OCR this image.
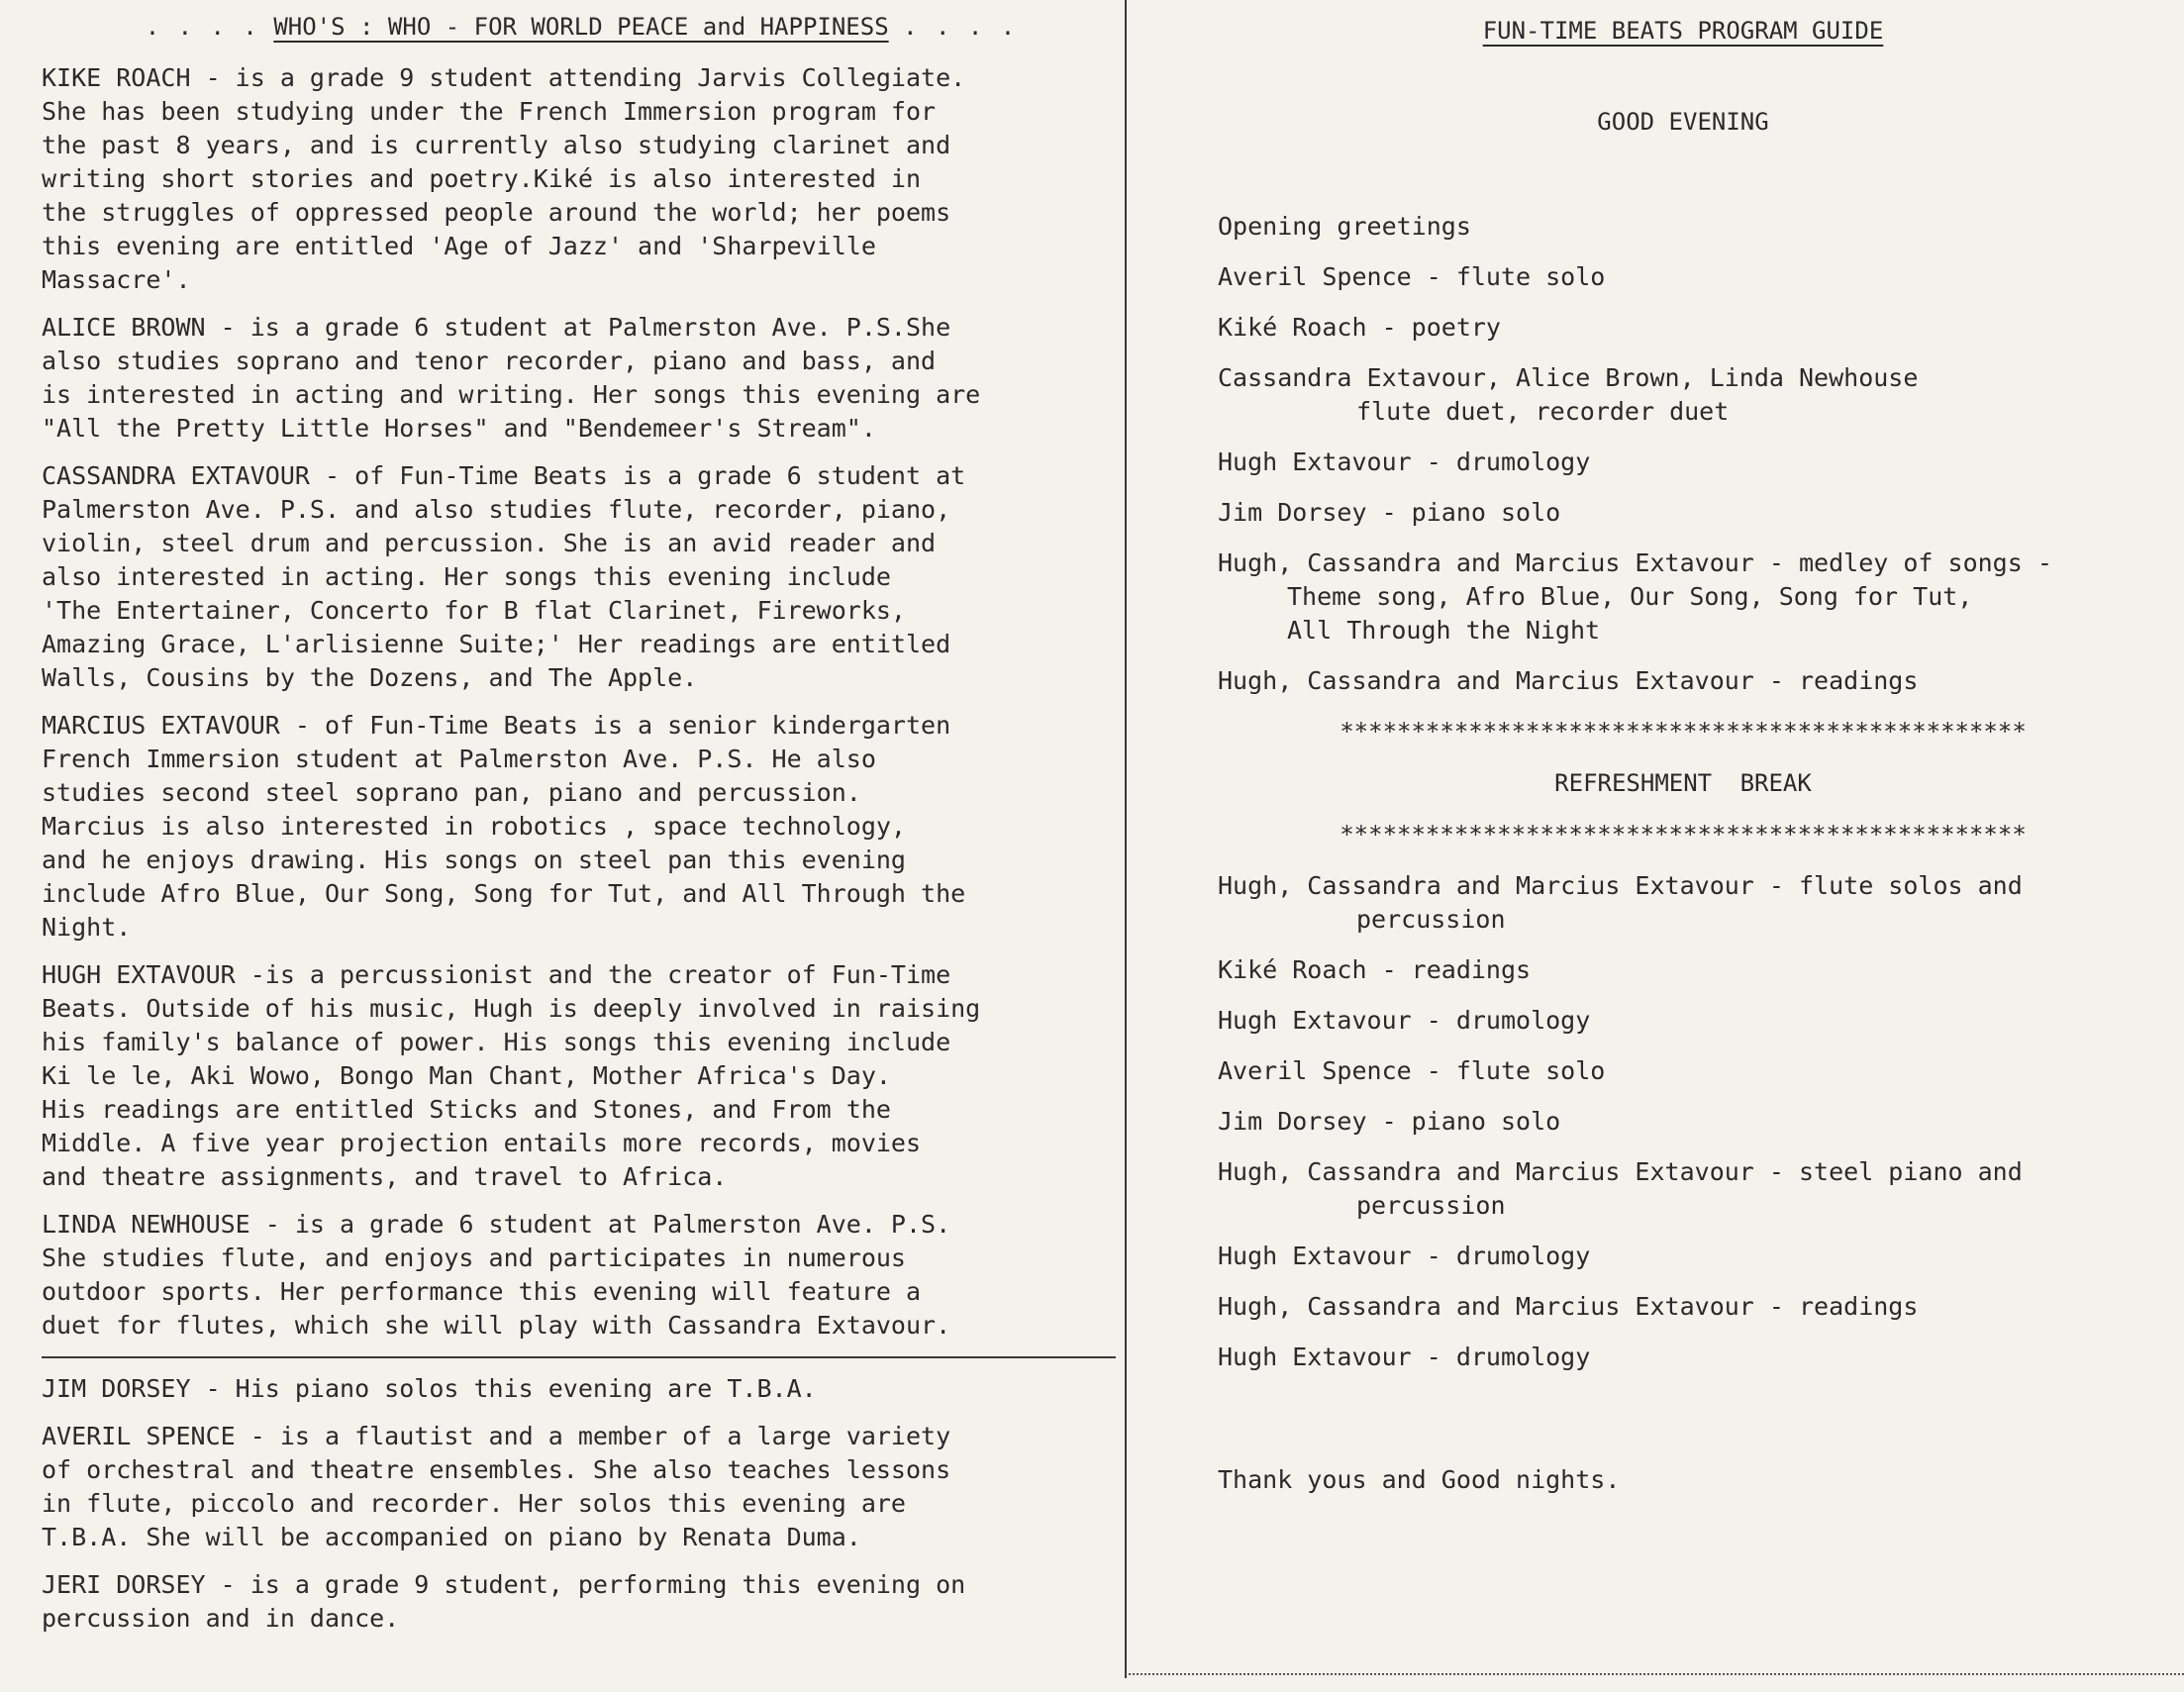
. . . . WHO'S : WHO - FOR WORLD PEACE and HAPPINESS . . . .
KIKE ROACH - is a grade 9 student attending Jarvis Collegiate.
She has been studying under the French Immersion program for
the past 8 years, and is currently also studying clarinet and
writing short stories and poetry.Kiké is also interested in
the struggles of oppressed people around the world; her poems
this evening are entitled 'Age of Jazz' and 'Sharpeville
Massacre'.
ALICE BROWN - is a grade 6 student at Palmerston Ave. P.S.She
also studies soprano and tenor recorder, piano and bass, and
is interested in acting and writing. Her songs this evening are
"All the Pretty Little Horses" and "Bendemeer's Stream".
CASSANDRA EXTAVOUR - of Fun-Time Beats is a grade 6 student at
Palmerston Ave. P.S. and also studies flute, recorder, piano,
violin, steel drum and percussion. She is an avid reader and
also interested in acting. Her songs this evening include
'The Entertainer, Concerto for B flat Clarinet, Fireworks,
Amazing Grace, L'arlisienne Suite;' Her readings are entitled
Walls, Cousins by the Dozens, and The Apple.
MARCIUS EXTAVOUR - of Fun-Time Beats is a senior kindergarten
French Immersion student at Palmerston Ave. P.S. He also
studies second steel soprano pan, piano and percussion.
Marcius is also interested in robotics , space technology,
and he enjoys drawing. His songs on steel pan this evening
include Afro Blue, Our Song, Song for Tut, and All Through the
Night.
HUGH EXTAVOUR -is a percussionist and the creator of Fun-Time
Beats. Outside of his music, Hugh is deeply involved in raising
his family's balance of power. His songs this evening include
Ki le le, Aki Wowo, Bongo Man Chant, Mother Africa's Day.
His readings are entitled Sticks and Stones, and From the
Middle. A five year projection entails more records, movies
and theatre assignments, and travel to Africa.
LINDA NEWHOUSE - is a grade 6 student at Palmerston Ave. P.S.
She studies flute, and enjoys and participates in numerous
outdoor sports. Her performance this evening will feature a
duet for flutes, which she will play with Cassandra Extavour.
JIM DORSEY - His piano solos this evening are T.B.A.
AVERIL SPENCE - is a flautist and a member of a large variety
of orchestral and theatre ensembles. She also teaches lessons
in flute, piccolo and recorder. Her solos this evening are
T.B.A. She will be accompanied on piano by Renata Duma.
JERI DORSEY - is a grade 9 student, performing this evening on
percussion and in dance.
FUN-TIME BEATS PROGRAM GUIDE
GOOD EVENING
Opening greetings
Averil Spence - flute solo
Kiké Roach - poetry
Cassandra Extavour, Alice Brown, Linda Newhouse
flute duet, recorder duet
Hugh Extavour - drumology
Jim Dorsey - piano solo
Hugh, Cassandra and Marcius Extavour - medley of songs -
Theme song, Afro Blue, Our Song, Song for Tut,
All Through the Night
Hugh, Cassandra and Marcius Extavour - readings
************************************************
REFRESHMENT BREAK
************************************************
Hugh, Cassandra and Marcius Extavour - flute solos and
percussion
Kiké Roach - readings
Hugh Extavour - drumology
Averil Spence - flute solo
Jim Dorsey - piano solo
Hugh, Cassandra and Marcius Extavour - steel piano and
percussion
Hugh Extavour - drumology
Hugh, Cassandra and Marcius Extavour - readings
Hugh Extavour - drumology
Thank yous and Good nights.
